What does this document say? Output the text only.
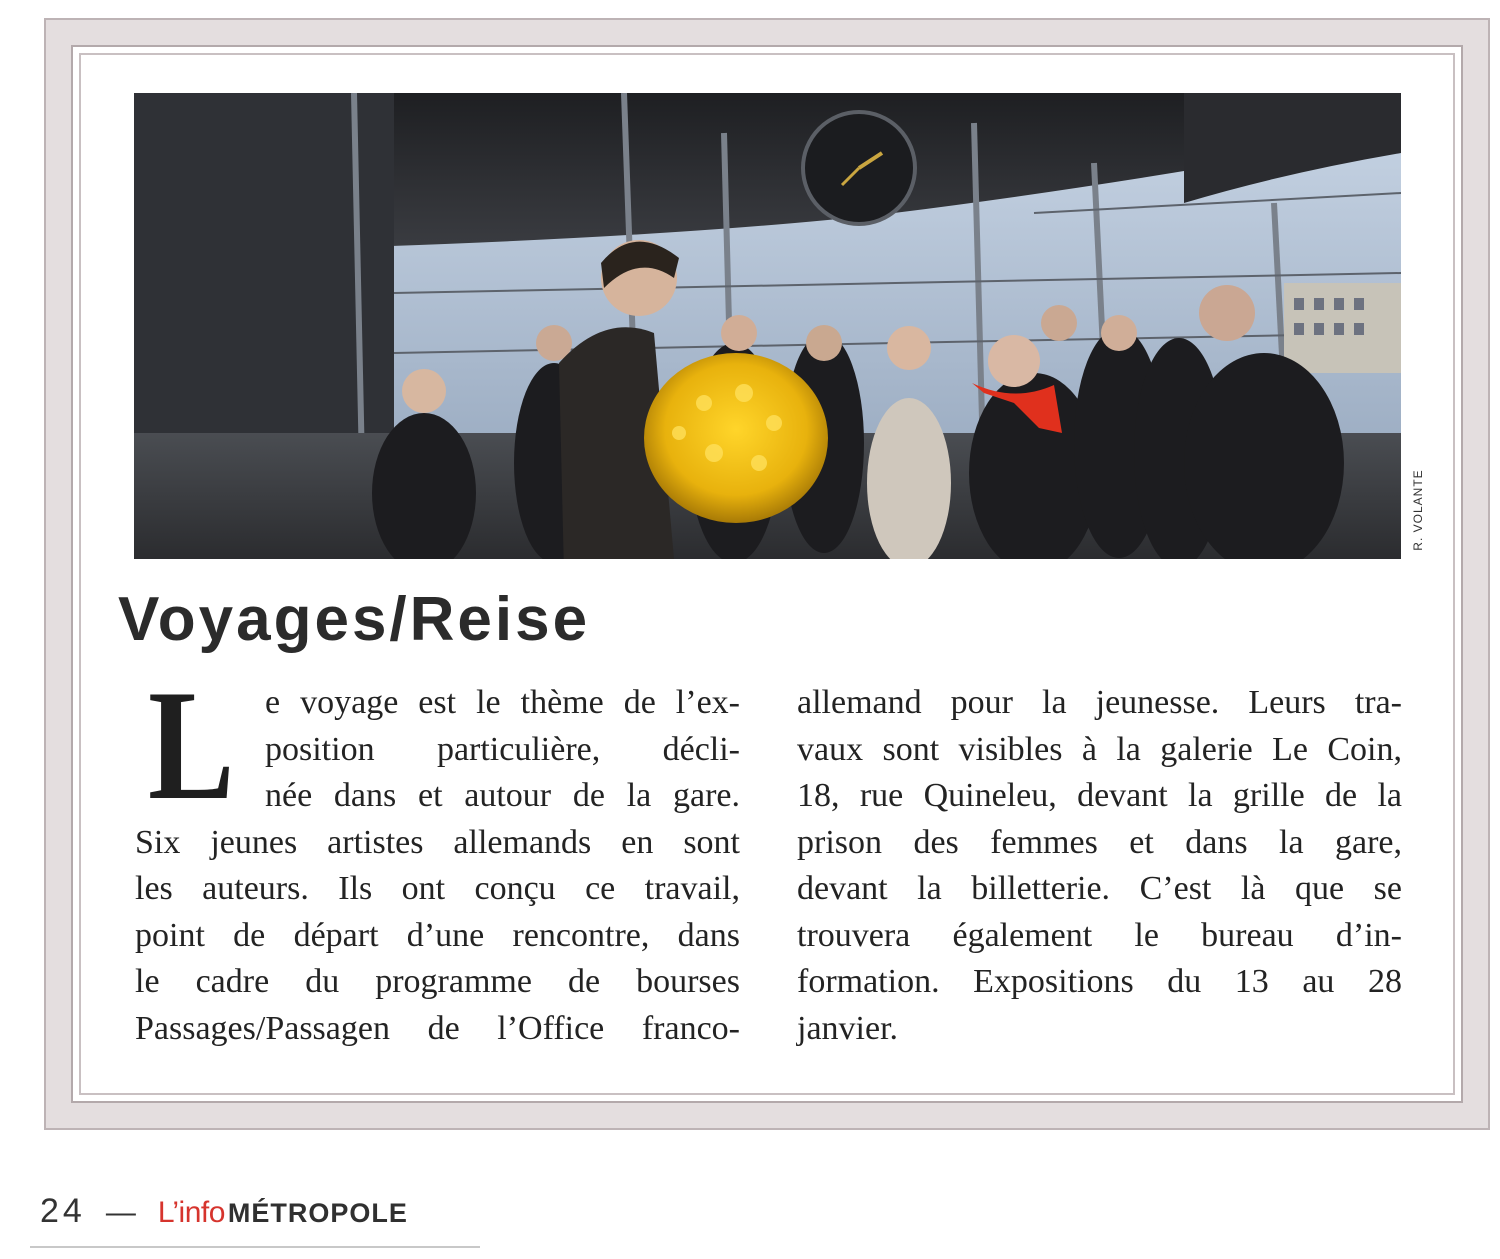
R. VOLANTE
Voyages/Reise
L e voyage est le thème de l’ex-
position particulière, décli-
née dans et autour de la gare.
Six jeunes artistes allemands en sont
les auteurs. Ils ont conçu ce travail,
point de départ d’une rencontre, dans
le cadre du programme de bourses
Passages/Passagen de l’Office franco-
allemand pour la jeunesse. Leurs tra-
vaux sont visibles à la galerie Le Coin,
18, rue Quineleu, devant la grille de la
prison des femmes et dans la gare,
devant la billetterie. C’est là que se
trouvera également le bureau d’in-
formation. Expositions du 13 au 28
janvier.
24 — L’info MÉTROPOLE
